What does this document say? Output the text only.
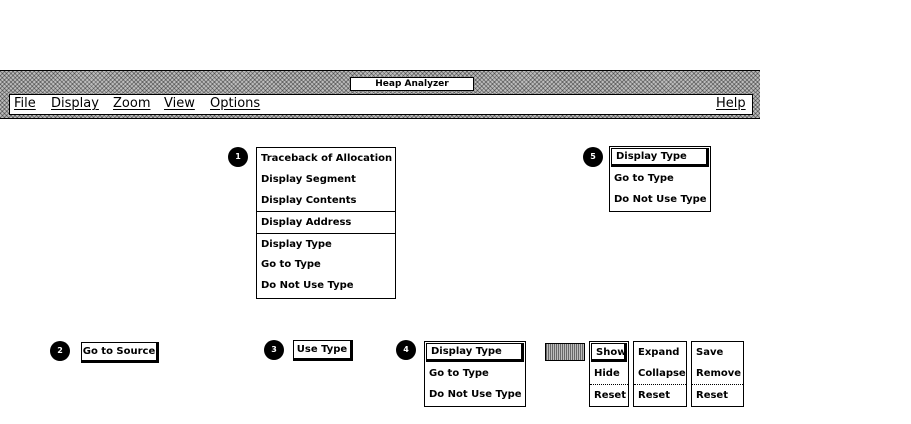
Heap Analyzer
File Display Zoom View Options	Help
1	Traceback of Allocation
Display Segment
Display Contents
Display Address
Display Type
Go to Type
Do Not Use Type
5	Display Type
Go to Type
Do Not Use Type
2	Go to Source	3	Use Type	4	Display Type
Go to Type
Do Not Use Type
Show
Hide
Reset
Expand
Collapse
Reset
Save
Remove
Reset
